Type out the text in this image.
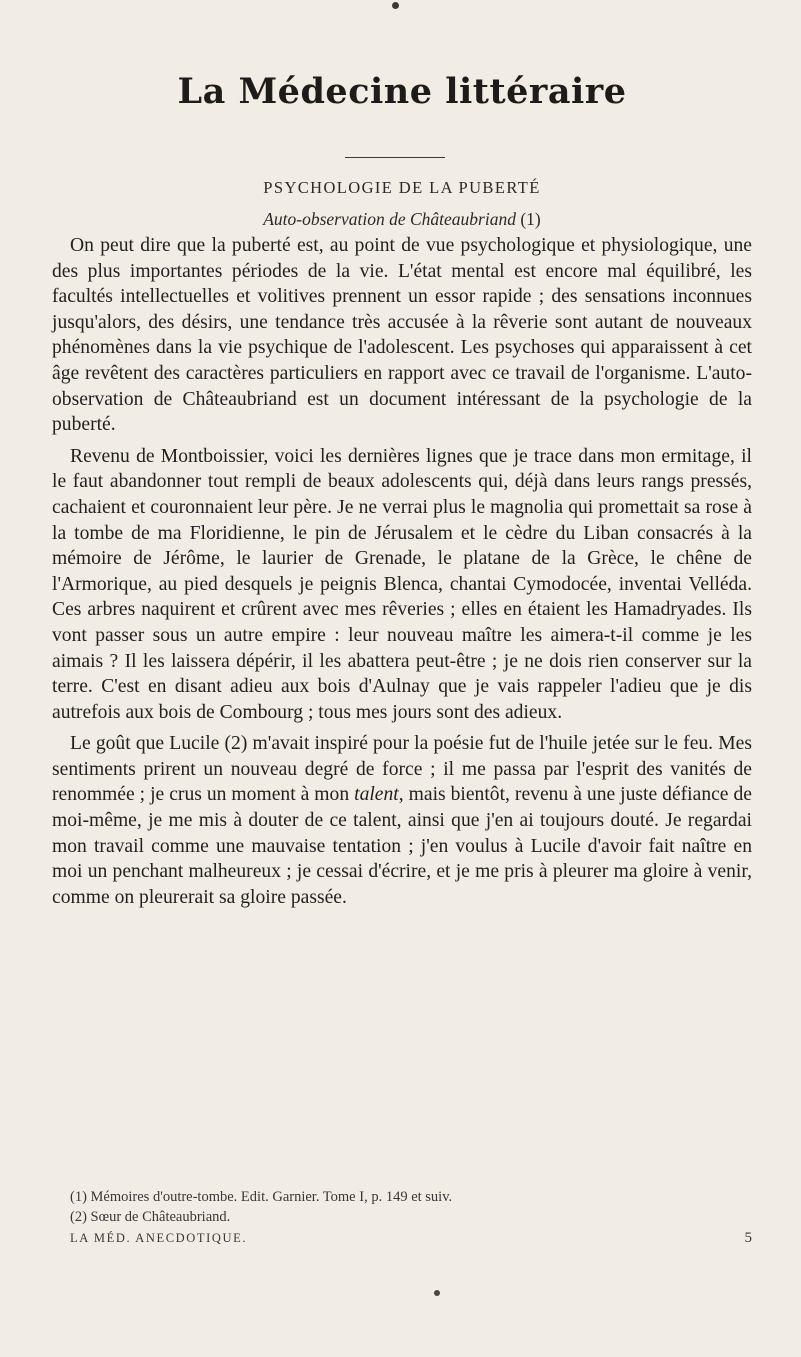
La Médecine littéraire
PSYCHOLOGIE DE LA PUBERTÉ
Auto-observation de Châteaubriand (1)

On peut dire que la puberté est, au point de vue psychologique et physiologique, une des plus importantes périodes de la vie. L'état mental est encore mal équilibré, les facultés intellectuelles et volitives prennent un essor rapide ; des sensations inconnues jusqu'alors, des désirs, une tendance très accusée à la rêverie sont autant de nouveaux phénomènes dans la vie psychique de l'adolescent. Les psychoses qui apparaissent à cet âge revêtent des caractères particuliers en rapport avec ce travail de l'organisme. L'auto-observation de Châteaubriand est un document intéressant de la psychologie de la puberté.

Revenu de Montboissier, voici les dernières lignes que je trace dans mon ermitage, il le faut abandonner tout rempli de beaux adolescents qui, déjà dans leurs rangs pressés, cachaient et couronnaient leur père. Je ne verrai plus le magnolia qui promettait sa rose à la tombe de ma Floridienne, le pin de Jérusalem et le cèdre du Liban consacrés à la mémoire de Jérôme, le laurier de Grenade, le platane de la Grèce, le chêne de l'Armorique, au pied desquels je peignis Blenca, chantai Cymodocée, inventai Velléda. Ces arbres naquirent et crûrent avec mes rêveries ; elles en étaient les Hamadryades. Ils vont passer sous un autre empire : leur nouveau maître les aimera-t-il comme je les aimais ? Il les laissera dépérir, il les abattera peut-être ; je ne dois rien conserver sur la terre. C'est en disant adieu aux bois d'Aulnay que je vais rappeler l'adieu que je dis autrefois aux bois de Combourg ; tous mes jours sont des adieux.

Le goût que Lucile (2) m'avait inspiré pour la poésie fut de l'huile jetée sur le feu. Mes sentiments prirent un nouveau degré de force ; il me passa par l'esprit des vanités de renommée ; je crus un moment à mon talent, mais bientôt, revenu à une juste défiance de moi-même, je me mis à douter de ce talent, ainsi que j'en ai toujours douté. Je regardai mon travail comme une mauvaise tentation ; j'en voulus à Lucile d'avoir fait naître en moi un penchant malheureux ; je cessai d'écrire, et je me pris à pleurer ma gloire à venir, comme on pleurerait sa gloire passée.

(1) Mémoires d'outre-tombe. Edit. Garnier. Tome I, p. 149 et suiv.
(2) Sœur de Châteaubriand.
LA MÉD. ANECDOTIQUE.	5
